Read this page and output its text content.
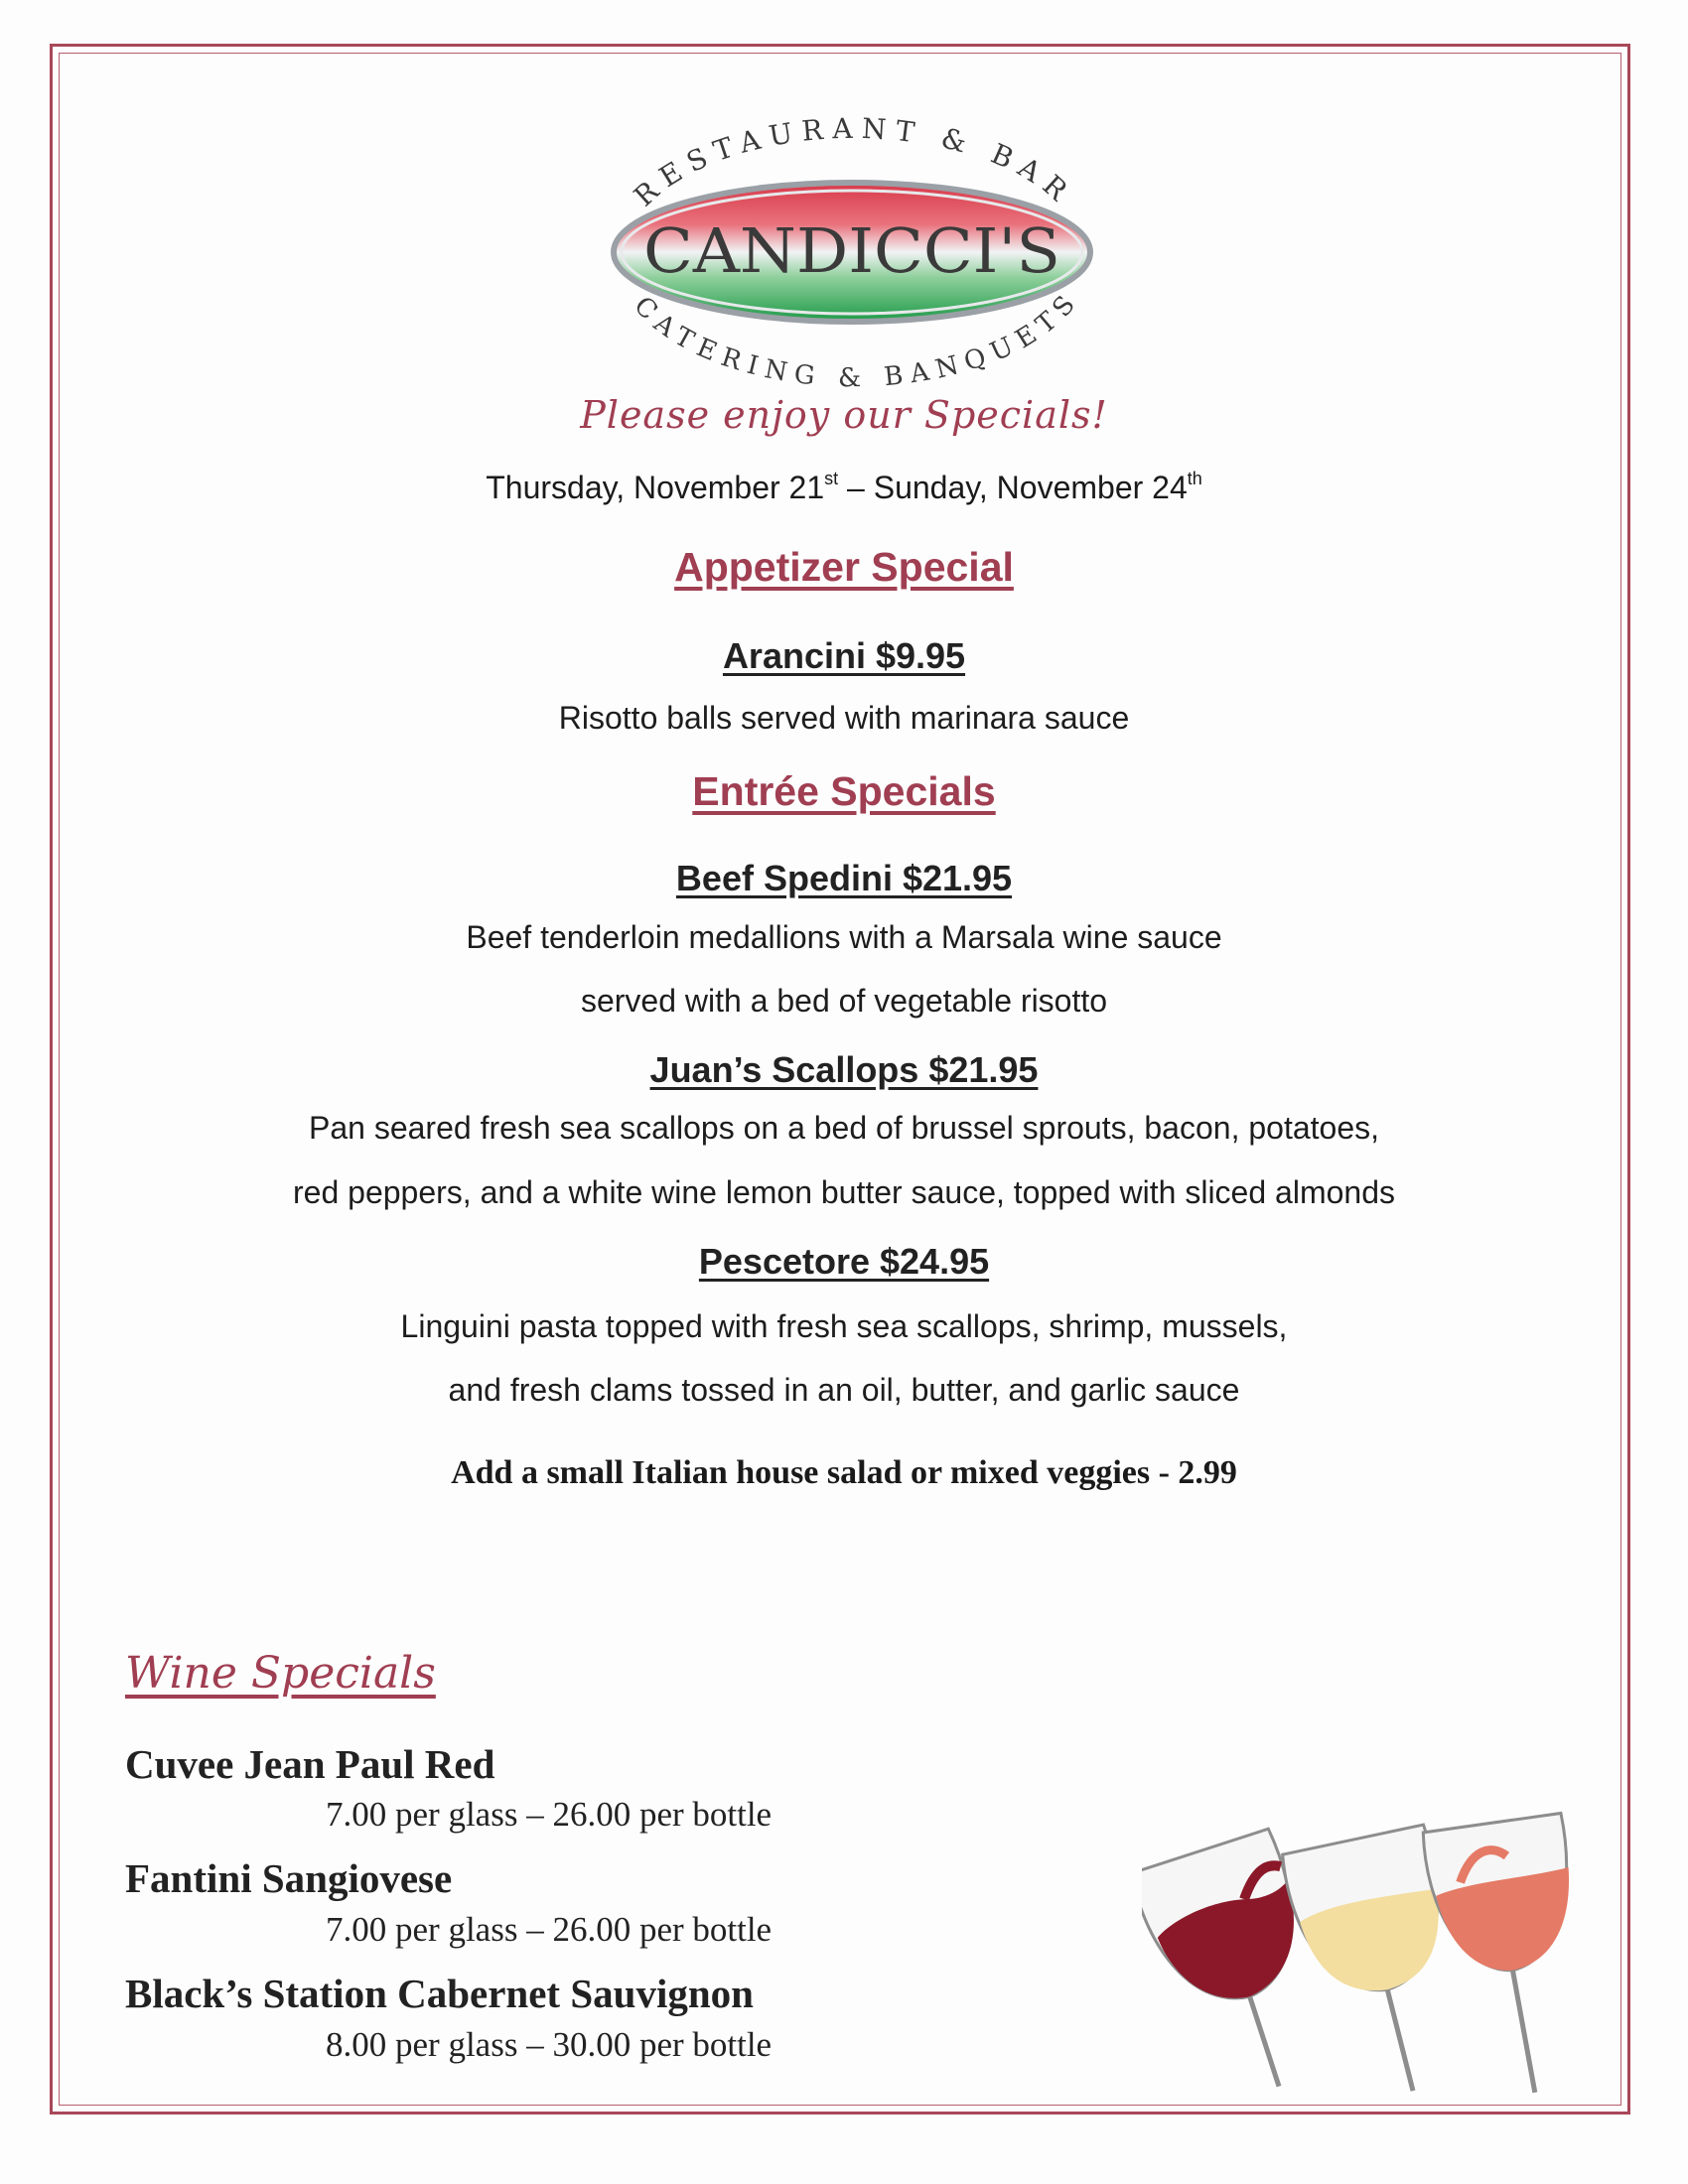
RESTAURANT & BAR
CANDICCI'S
CATERING & BANQUETS
Please enjoy our Specials!
Thursday, November 21st – Sunday, November 24th
Appetizer Special
Arancini $9.95
Risotto balls served with marinara sauce
Entrée Specials
Beef Spedini $21.95
Beef tenderloin medallions with a Marsala wine sauce
served with a bed of vegetable risotto
Juan’s Scallops $21.95
Pan seared fresh sea scallops on a bed of brussel sprouts, bacon, potatoes,
red peppers, and a white wine lemon butter sauce, topped with sliced almonds
Pescetore $24.95
Linguini pasta topped with fresh sea scallops, shrimp, mussels,
and fresh clams tossed in an oil, butter, and garlic sauce
Add a small Italian house salad or mixed veggies - 2.99
Wine Specials
Cuvee Jean Paul Red
7.00 per glass – 26.00 per bottle
Fantini Sangiovese
7.00 per glass – 26.00 per bottle
Black’s Station Cabernet Sauvignon
8.00 per glass – 30.00 per bottle
